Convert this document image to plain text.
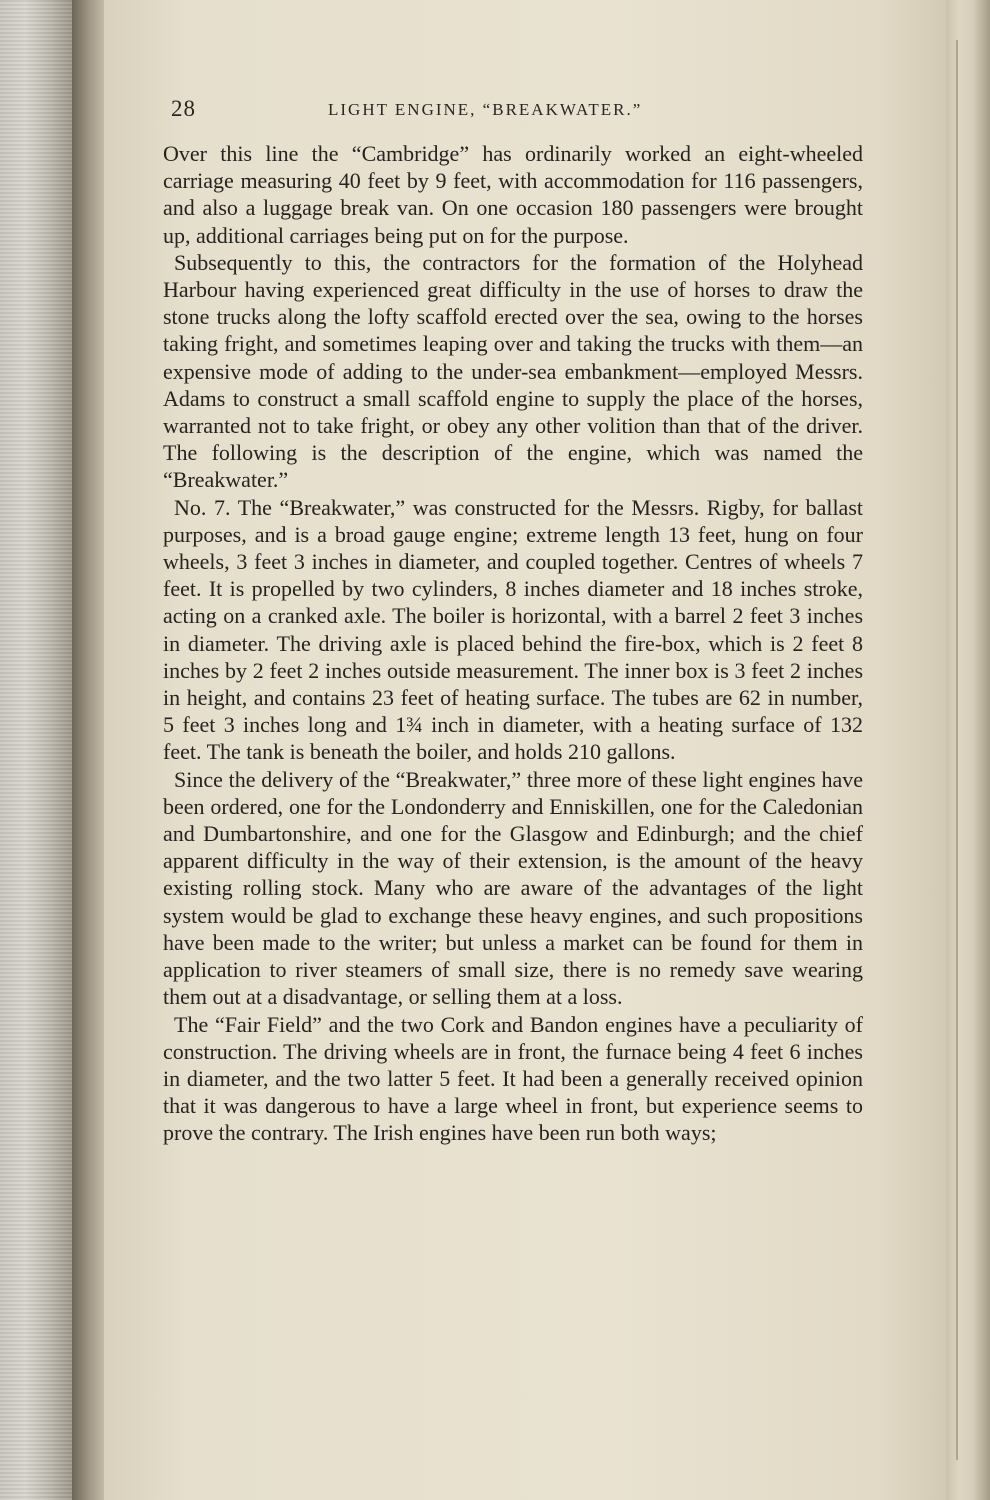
28	LIGHT ENGINE, “BREAKWATER.”

Over this line the “Cambridge” has ordinarily worked an eight-wheeled carriage measuring 40 feet by 9 feet, with accommodation for 116 passengers, and also a luggage break van. On one occasion 180 passengers were brought up, additional carriages being put on for the purpose.

Subsequently to this, the contractors for the formation of the Holyhead Harbour having experienced great difficulty in the use of horses to draw the stone trucks along the lofty scaffold erected over the sea, owing to the horses taking fright, and sometimes leaping over and taking the trucks with them—an expensive mode of adding to the under-sea embankment—employed Messrs. Adams to construct a small scaffold engine to supply the place of the horses, warranted not to take fright, or obey any other volition than that of the driver. The following is the description of the engine, which was named the “Breakwater.”

No. 7. The “Breakwater,” was constructed for the Messrs. Rigby, for ballast purposes, and is a broad gauge engine; extreme length 13 feet, hung on four wheels, 3 feet 3 inches in diameter, and coupled together. Centres of wheels 7 feet. It is propelled by two cylinders, 8 inches diameter and 18 inches stroke, acting on a cranked axle. The boiler is horizontal, with a barrel 2 feet 3 inches in diameter. The driving axle is placed behind the fire-box, which is 2 feet 8 inches by 2 feet 2 inches outside measurement. The inner box is 3 feet 2 inches in height, and contains 23 feet of heating surface. The tubes are 62 in number, 5 feet 3 inches long and 1¾ inch in diameter, with a heating surface of 132 feet. The tank is beneath the boiler, and holds 210 gallons.

Since the delivery of the “Breakwater,” three more of these light engines have been ordered, one for the Londonderry and Enniskillen, one for the Caledonian and Dumbartonshire, and one for the Glasgow and Edinburgh; and the chief apparent difficulty in the way of their extension, is the amount of the heavy existing rolling stock. Many who are aware of the advantages of the light system would be glad to exchange these heavy engines, and such propositions have been made to the writer; but unless a market can be found for them in application to river steamers of small size, there is no remedy save wearing them out at a disadvantage, or selling them at a loss.

The “Fair Field” and the two Cork and Bandon engines have a peculiarity of construction. The driving wheels are in front, the furnace being 4 feet 6 inches in diameter, and the two latter 5 feet. It had been a generally received opinion that it was dangerous to have a large wheel in front, but experience seems to prove the contrary. The Irish engines have been run both ways;
